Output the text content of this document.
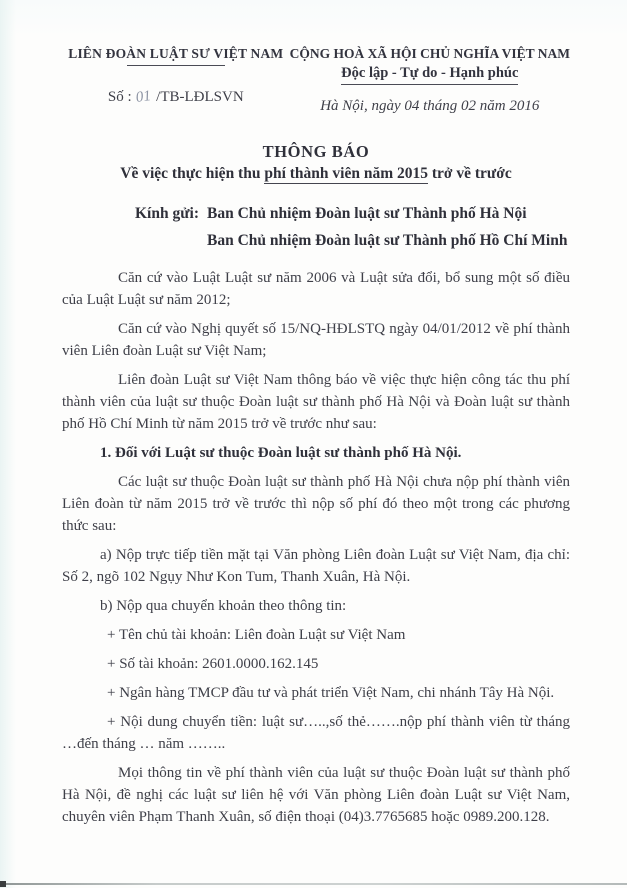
LIÊN ĐOÀN LUẬT SƯ VIỆT NAM
Số : 01 /TB-LĐLSVN
CỘNG HOÀ XÃ HỘI CHỦ NGHĨA VIỆT NAM
Độc lập - Tự do - Hạnh phúc
Hà Nội, ngày 04 tháng 02 năm 2016
THÔNG BÁO
Về việc thực hiện thu phí thành viên năm 2015 trở về trước
Kính gửi: Ban Chủ nhiệm Đoàn luật sư Thành phố Hà Nội
Ban Chủ nhiệm Đoàn luật sư Thành phố Hồ Chí Minh

Căn cứ vào Luật Luật sư năm 2006 và Luật sửa đổi, bổ sung một số điều của Luật Luật sư năm 2012;

Căn cứ vào Nghị quyết số 15/NQ-HĐLSTQ ngày 04/01/2012 về phí thành viên Liên đoàn Luật sư Việt Nam;

Liên đoàn Luật sư Việt Nam thông báo về việc thực hiện công tác thu phí thành viên của luật sư thuộc Đoàn luật sư thành phố Hà Nội và Đoàn luật sư thành phố Hồ Chí Minh từ năm 2015 trở về trước như sau:

1. Đối với Luật sư thuộc Đoàn luật sư thành phố Hà Nội.

Các luật sư thuộc Đoàn luật sư thành phố Hà Nội chưa nộp phí thành viên Liên đoàn từ năm 2015 trở về trước thì nộp số phí đó theo một trong các phương thức sau:

a) Nộp trực tiếp tiền mặt tại Văn phòng Liên đoàn Luật sư Việt Nam, địa chỉ: Số 2, ngõ 102 Ngụy Như Kon Tum, Thanh Xuân, Hà Nội.

b) Nộp qua chuyển khoản theo thông tin:

+ Tên chủ tài khoản: Liên đoàn Luật sư Việt Nam

+ Số tài khoản: 2601.0000.162.145

+ Ngân hàng TMCP đầu tư và phát triển Việt Nam, chi nhánh Tây Hà Nội.

+ Nội dung chuyển tiền: luật sư…..,số thẻ…….nộp phí thành viên từ tháng …đến tháng … năm ……..

Mọi thông tin về phí thành viên của luật sư thuộc Đoàn luật sư thành phố Hà Nội, đề nghị các luật sư liên hệ với Văn phòng Liên đoàn Luật sư Việt Nam, chuyên viên Phạm Thanh Xuân, số điện thoại (04)3.7765685 hoặc 0989.200.128.
